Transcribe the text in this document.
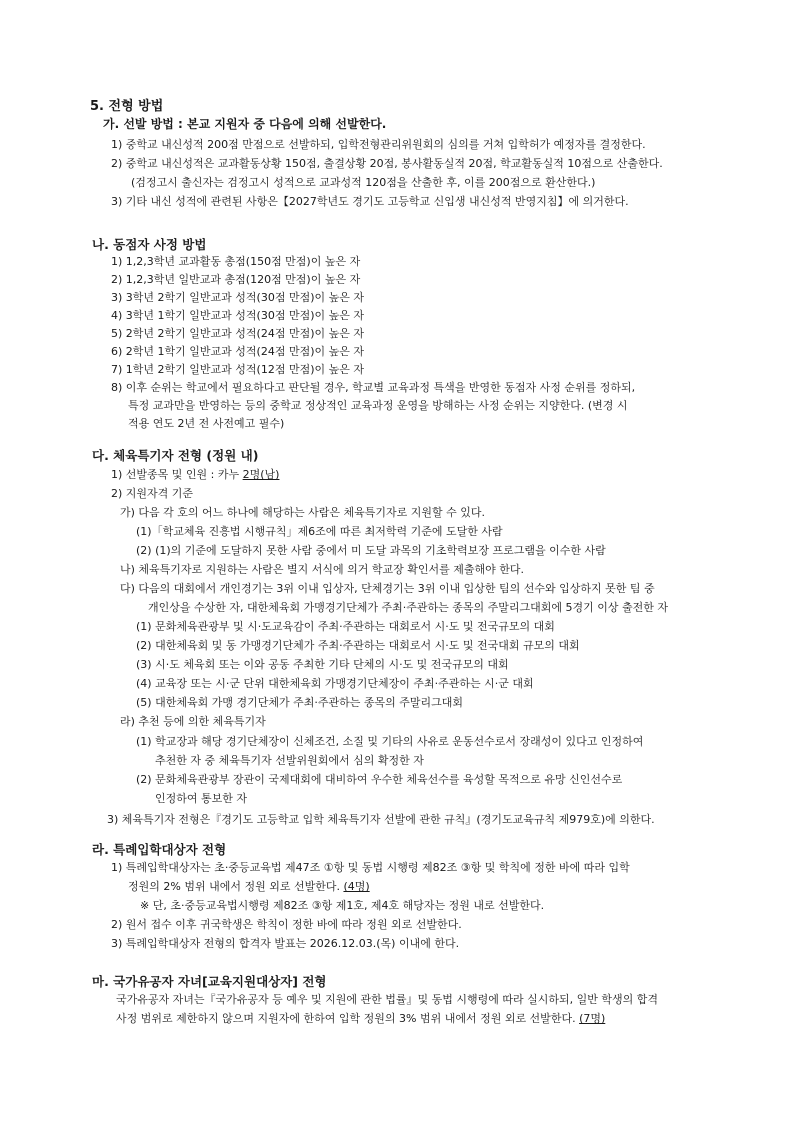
5. 전형 방법
가. 선발 방법 : 본교 지원자 중 다음에 의해 선발한다.
1) 중학교 내신성적 200점 만점으로 선발하되, 입학전형관리위원회의 심의를 거쳐 입학허가 예정자를 결정한다.
2) 중학교 내신성적은 교과활동상황 150점, 출결상황 20점, 봉사활동실적 20점, 학교활동실적 10점으로 산출한다.
(검정고시 출신자는 검정고시 성적으로 교과성적 120점을 산출한 후, 이를 200점으로 환산한다.)
3) 기타 내신 성적에 관련된 사항은【2027학년도 경기도 고등학교 신입생 내신성적 반영지침】에 의거한다.
나. 동점자 사정 방법
1) 1,2,3학년 교과활동 총점(150점 만점)이 높은 자
2) 1,2,3학년 일반교과 총점(120점 만점)이 높은 자
3) 3학년 2학기 일반교과 성적(30점 만점)이 높은 자
4) 3학년 1학기 일반교과 성적(30점 만점)이 높은 자
5) 2학년 2학기 일반교과 성적(24점 만점)이 높은 자
6) 2학년 1학기 일반교과 성적(24점 만점)이 높은 자
7) 1학년 2학기 일반교과 성적(12점 만점)이 높은 자
8) 이후 순위는 학교에서 필요하다고 판단될 경우, 학교별 교육과정 특색을 반영한 동점자 사정 순위를 정하되,
특정 교과만을 반영하는 등의 중학교 정상적인 교육과정 운영을 방해하는 사정 순위는 지양한다. (변경 시
적용 연도 2년 전 사전예고 필수)
다. 체육특기자 전형 (정원 내)
1) 선발종목 및 인원 : 카누 2명(남)
2) 지원자격 기준
가) 다음 각 호의 어느 하나에 해당하는 사람은 체육특기자로 지원할 수 있다.
(1)「학교체육 진흥법 시행규칙」제6조에 따른 최저학력 기준에 도달한 사람
(2) (1)의 기준에 도달하지 못한 사람 중에서 미 도달 과목의 기초학력보장 프로그램을 이수한 사람
나) 체육특기자로 지원하는 사람은 별지 서식에 의거 학교장 확인서를 제출해야 한다.
다) 다음의 대회에서 개인경기는 3위 이내 입상자, 단체경기는 3위 이내 입상한 팀의 선수와 입상하지 못한 팀 중
개인상을 수상한 자, 대한체육회 가맹경기단체가 주최·주관하는 종목의 주말리그대회에 5경기 이상 출전한 자
(1) 문화체육관광부 및 시·도교육감이 주최·주관하는 대회로서 시·도 및 전국규모의 대회
(2) 대한체육회 및 동 가맹경기단체가 주최·주관하는 대회로서 시·도 및 전국대회 규모의 대회
(3) 시·도 체육회 또는 이와 공동 주최한 기타 단체의 시·도 및 전국규모의 대회
(4) 교육장 또는 시·군 단위 대한체육회 가맹경기단체장이 주최·주관하는 시·군 대회
(5) 대한체육회 가맹 경기단체가 주최·주관하는 종목의 주말리그대회
라) 추천 등에 의한 체육특기자
(1) 학교장과 해당 경기단체장이 신체조건, 소질 및 기타의 사유로 운동선수로서 장래성이 있다고 인정하여
추천한 자 중 체육특기자 선발위원회에서 심의 확정한 자
(2) 문화체육관광부 장관이 국제대회에 대비하여 우수한 체육선수를 육성할 목적으로 유망 신인선수로
인정하여 통보한 자
3) 체육특기자 전형은『경기도 고등학교 입학 체육특기자 선발에 관한 규칙』(경기도교육규칙 제979호)에 의한다.
라. 특례입학대상자 전형
1) 특례입학대상자는 초·중등교육법 제47조 ①항 및 동법 시행령 제82조 ③항 및 학칙에 정한 바에 따라 입학
정원의 2% 범위 내에서 정원 외로 선발한다. (4명)
※ 단, 초·중등교육법시행령 제82조 ③항 제1호, 제4호 해당자는 정원 내로 선발한다.
2) 원서 접수 이후 귀국학생은 학칙이 정한 바에 따라 정원 외로 선발한다.
3) 특례입학대상자 전형의 합격자 발표는 2026.12.03.(목) 이내에 한다.
마. 국가유공자 자녀[교육지원대상자] 전형
국가유공자 자녀는『국가유공자 등 예우 및 지원에 관한 법률』및 동법 시행령에 따라 실시하되, 일반 학생의 합격
사정 범위로 제한하지 않으며 지원자에 한하여 입학 정원의 3% 범위 내에서 정원 외로 선발한다. (7명)
